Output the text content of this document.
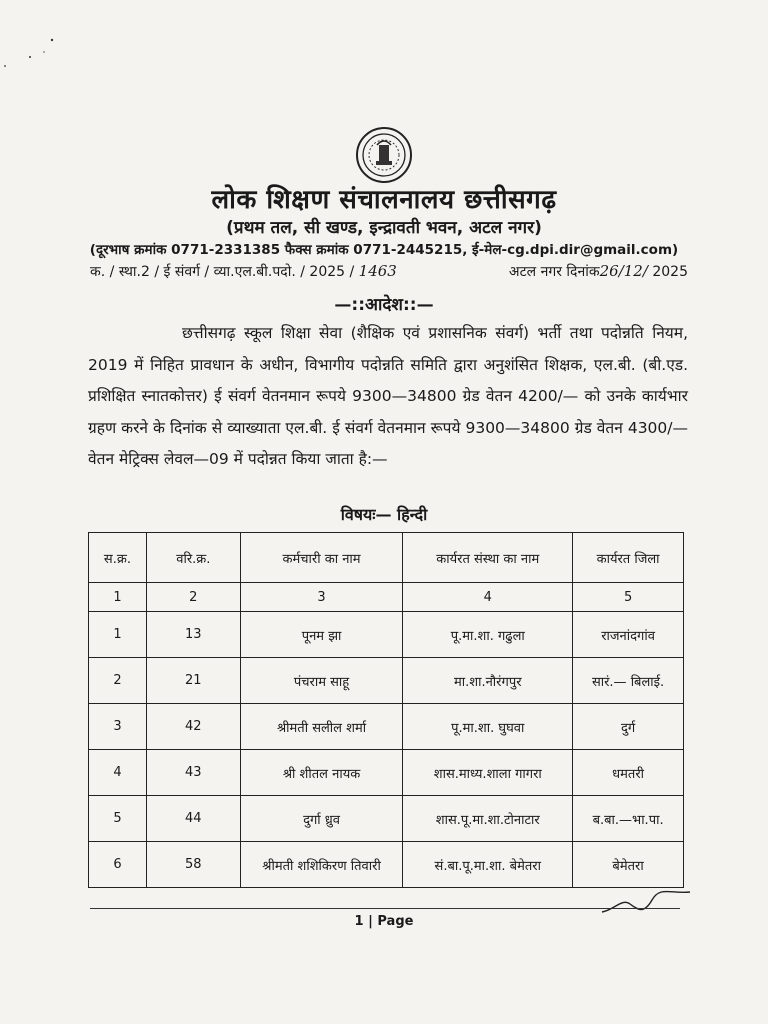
लोक शिक्षण संचालनालय छत्तीसगढ़
(प्रथम तल, सी खण्ड, इन्द्रावती भवन, अटल नगर)
(दूरभाष क्रमांक 0771-2331385 फैक्स क्रमांक 0771-2445215, ई-मेल-cg.dpi.dir@gmail.com)
क. / स्था.2 / ई संवर्ग / व्या.एल.बी.पदो. / 2025 / 1463	अटल नगर दिनांक26/12/ 2025
—::आदेश::—
छत्तीसगढ़ स्कूल शिक्षा सेवा (शैक्षिक एवं प्रशासनिक संवर्ग) भर्ती तथा पदोन्नति नियम, 2019 में निहित प्रावधान के अधीन, विभागीय पदोन्नति समिति द्वारा अनुशंसित शिक्षक, एल.बी. (बी.एड. प्रशिक्षित स्नातकोत्तर) ई संवर्ग वेतनमान रूपये 9300—34800 ग्रेड वेतन 4200/— को उनके कार्यभार ग्रहण करने के दिनांक से व्याख्याता एल.बी. ई संवर्ग वेतनमान रूपये 9300—34800 ग्रेड वेतन 4300/— वेतन मेट्रिक्स लेवल—09 में पदोन्नत किया जाता है:—
विषयः— हिन्दी
स.क्र.	वरि.क्र.	कर्मचारी का नाम	कार्यरत संस्था का नाम	कार्यरत जिला
1	2	3	4	5
1	13	पूनम झा	पू.मा.शा. गढुला	राजनांदगांव
2	21	पंचराम साहू	मा.शा.नौरंगपुर	सारं.— बिलाई.
3	42	श्रीमती सलील शर्मा	पू.मा.शा. घुघवा	दुर्ग
4	43	श्री शीतल नायक	शास.माध्य.शाला गागरा	धमतरी
5	44	दुर्गा ध्रुव	शास.पू.मा.शा.टोनाटार	ब.बा.—भा.पा.
6	58	श्रीमती शशिकिरण तिवारी	सं.बा.पू.मा.शा. बेमेतरा	बेमेतरा
1 | Page
